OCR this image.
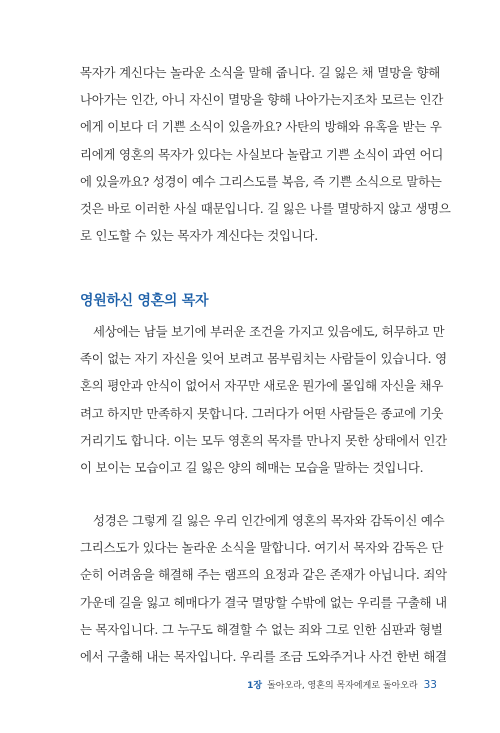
목자가 계신다는 놀라운 소식을 말해 줍니다. 길 잃은 채 멸망을 향해
나아가는 인간, 아니 자신이 멸망을 향해 나아가는지조차 모르는 인간
에게 이보다 더 기쁜 소식이 있을까요? 사탄의 방해와 유혹을 받는 우
리에게 영혼의 목자가 있다는 사실보다 놀랍고 기쁜 소식이 과연 어디
에 있을까요? 성경이 예수 그리스도를 복음, 즉 기쁜 소식으로 말하는
것은 바로 이러한 사실 때문입니다. 길 잃은 나를 멸망하지 않고 생명으
로 인도할 수 있는 목자가 계신다는 것입니다.
영원하신 영혼의 목자
세상에는 남들 보기에 부러운 조건을 가지고 있음에도, 허무하고 만
족이 없는 자기 자신을 잊어 보려고 몸부림치는 사람들이 있습니다. 영
혼의 평안과 안식이 없어서 자꾸만 새로운 뭔가에 몰입해 자신을 채우
려고 하지만 만족하지 못합니다. 그러다가 어떤 사람들은 종교에 기웃
거리기도 합니다. 이는 모두 영혼의 목자를 만나지 못한 상태에서 인간
이 보이는 모습이고 길 잃은 양의 헤매는 모습을 말하는 것입니다.
성경은 그렇게 길 잃은 우리 인간에게 영혼의 목자와 감독이신 예수
그리스도가 있다는 놀라운 소식을 말합니다. 여기서 목자와 감독은 단
순히 어려움을 해결해 주는 램프의 요정과 같은 존재가 아닙니다. 죄악
가운데 길을 잃고 헤매다가 결국 멸망할 수밖에 없는 우리를 구출해 내
는 목자입니다. 그 누구도 해결할 수 없는 죄와 그로 인한 심판과 형벌
에서 구출해 내는 목자입니다. 우리를 조금 도와주거나 사건 한번 해결
1장 돌아오라, 영혼의 목자에게로 돌아오라 33
